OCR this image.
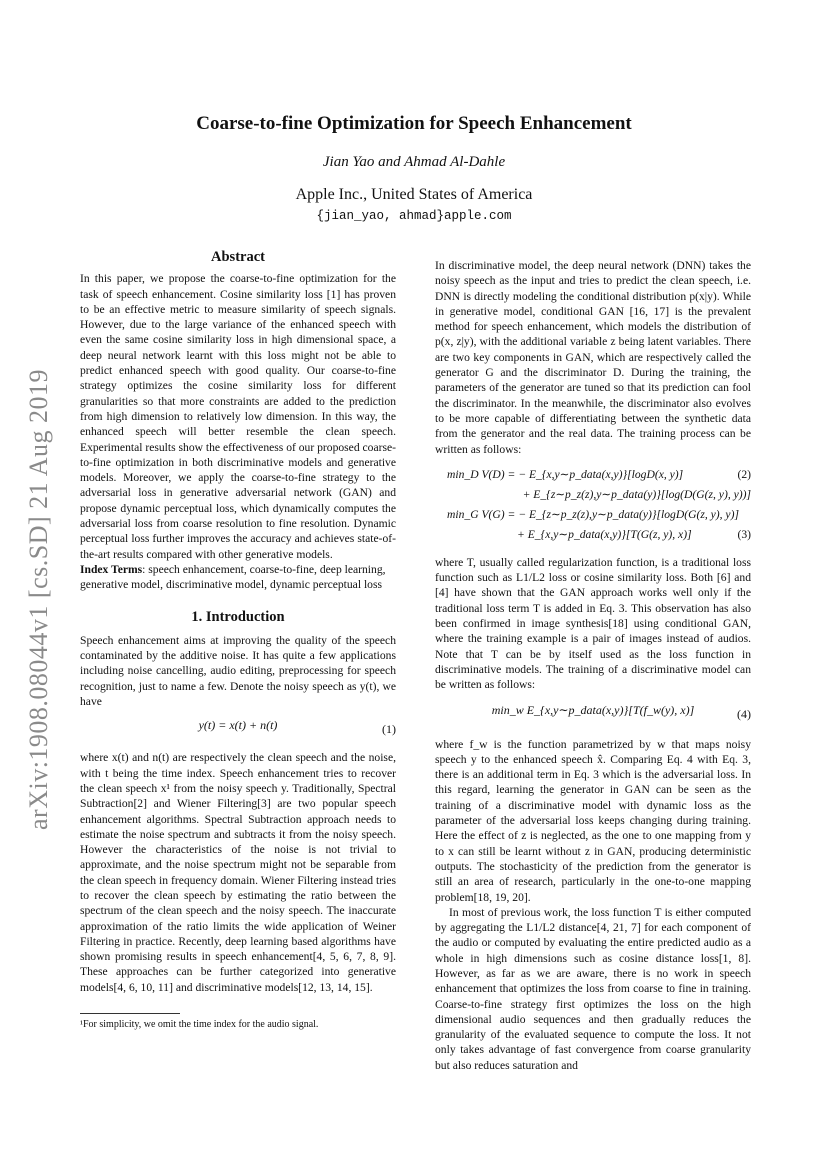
arXiv:1908.08044v1 [cs.SD] 21 Aug 2019
Coarse-to-fine Optimization for Speech Enhancement
Jian Yao and Ahmad Al-Dahle
Apple Inc., United States of America
{jian_yao, ahmad}apple.com
Abstract

In this paper, we propose the coarse-to-fine optimization for the task of speech enhancement. Cosine similarity loss [1] has proven to be an effective metric to measure similarity of speech signals. However, due to the large variance of the enhanced speech with even the same cosine similarity loss in high dimensional space, a deep neural network learnt with this loss might not be able to predict enhanced speech with good quality. Our coarse-to-fine strategy optimizes the cosine similarity loss for different granularities so that more constraints are added to the prediction from high dimension to relatively low dimension. In this way, the enhanced speech will better resemble the clean speech. Experimental results show the effectiveness of our proposed coarse-to-fine optimization in both discriminative models and generative models. Moreover, we apply the coarse-to-fine strategy to the adversarial loss in generative adversarial network (GAN) and propose dynamic perceptual loss, which dynamically computes the adversarial loss from coarse resolution to fine resolution. Dynamic perceptual loss further improves the accuracy and achieves state-of-the-art results compared with other generative models.

Index Terms: speech enhancement, coarse-to-fine, deep learning, generative model, discriminative model, dynamic perceptual loss

1. Introduction

Speech enhancement aims at improving the quality of the speech contaminated by the additive noise. It has quite a few applications including noise cancelling, audio editing, preprocessing for speech recognition, just to name a few. Denote the noisy speech as y(t), we have

y(t) = x(t) + n(t)	(1)

where x(t) and n(t) are respectively the clean speech and the noise, with t being the time index. Speech enhancement tries to recover the clean speech x¹ from the noisy speech y. Traditionally, Spectral Subtraction[2] and Wiener Filtering[3] are two popular speech enhancement algorithms. Spectral Subtraction approach needs to estimate the noise spectrum and subtracts it from the noisy speech. However the characteristics of the noise is not trivial to approximate, and the noise spectrum might not be separable from the clean speech in frequency domain. Wiener Filtering instead tries to recover the clean speech by estimating the ratio between the spectrum of the clean speech and the noisy speech. The inaccurate approximation of the ratio limits the wide application of Weiner Filtering in practice. Recently, deep learning based algorithms have shown promising results in speech enhancement[4, 5, 6, 7, 8, 9]. These approaches can be further categorized into generative models[4, 6, 10, 11] and discriminative models[12, 13, 14, 15].

¹For simplicity, we omit the time index for the audio signal.

In discriminative model, the deep neural network (DNN) takes the noisy speech as the input and tries to predict the clean speech, i.e. DNN is directly modeling the conditional distribution p(x|y). While in generative model, conditional GAN [16, 17] is the prevalent method for speech enhancement, which models the distribution of p(x, z|y), with the additional variable z being latent variables. There are two key components in GAN, which are respectively called the generator G and the discriminator D. During the training, the parameters of the generator are tuned so that its prediction can fool the discriminator. In the meanwhile, the discriminator also evolves to be more capable of differentiating between the synthetic data from the generator and the real data. The training process can be written as follows:

min_D V(D) = − E_{x,y∼p_data(x,y)}[logD(x, y)]	(2)
+ E_{z∼p_z(z),y∼p_data(y)}[log(D(G(z, y), y))]
min_G V(G) = − E_{z∼p_z(z),y∼p_data(y)}[logD(G(z, y), y)]
+ E_{x,y∼p_data(x,y)}[T(G(z, y), x)]	(3)

where T, usually called regularization function, is a traditional loss function such as L1/L2 loss or cosine similarity loss. Both [6] and [4] have shown that the GAN approach works well only if the traditional loss term T is added in Eq. 3. This observation has also been confirmed in image synthesis[18] using conditional GAN, where the training example is a pair of images instead of audios. Note that T can be by itself used as the loss function in discriminative models. The training of a discriminative model can be written as follows:

min_w E_{x,y∼p_data(x,y)}[T(f_w(y), x)]	(4)

where f_w is the function parametrized by w that maps noisy speech y to the enhanced speech x̂. Comparing Eq. 4 with Eq. 3, there is an additional term in Eq. 3 which is the adversarial loss. In this regard, learning the generator in GAN can be seen as the training of a discriminative model with dynamic loss as the parameter of the adversarial loss keeps changing during training. Here the effect of z is neglected, as the one to one mapping from y to x can still be learnt without z in GAN, producing deterministic outputs. The stochasticity of the prediction from the generator is still an area of research, particularly in the one-to-one mapping problem[18, 19, 20].

In most of previous work, the loss function T is either computed by aggregating the L1/L2 distance[4, 21, 7] for each component of the audio or computed by evaluating the entire predicted audio as a whole in high dimensions such as cosine distance loss[1, 8]. However, as far as we are aware, there is no work in speech enhancement that optimizes the loss from coarse to fine in training. Coarse-to-fine strategy first optimizes the loss on the high dimensional audio sequences and then gradually reduces the granularity of the evaluated sequence to compute the loss. It not only takes advantage of fast convergence from coarse granularity but also reduces saturation and
